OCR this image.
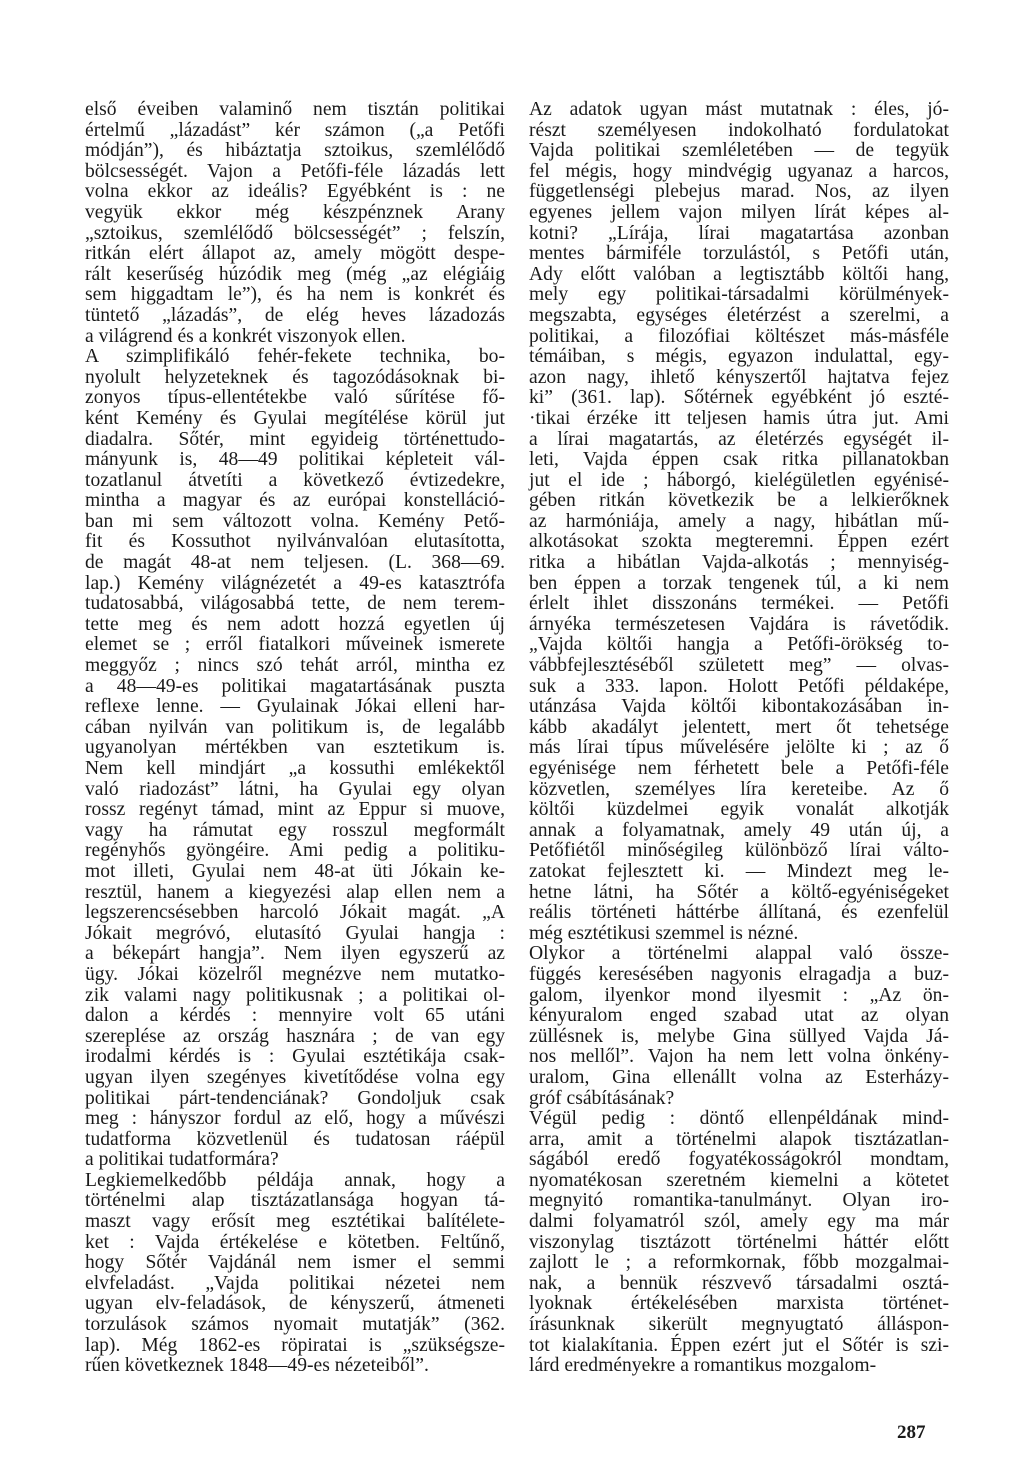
első éveiben valaminő nem tisztán politikai
értelmű „lázadást” kér számon („a Petőfi
módján”), és hibáztatja sztoikus, szemlélődő
bölcsességét. Vajon a Petőfi-féle lázadás lett
volna ekkor az ideális? Egyébként is : ne
vegyük ekkor még készpénznek Arany
„sztoikus, szemlélődő bölcsességét” ; felszín,
ritkán elért állapot az, amely mögött despe-
rált keserűség húzódik meg (még „az elégiáig
sem higgadtam le”), és ha nem is konkrét és
tüntető „lázadás”, de elég heves lázadozás
a világrend és a konkrét viszonyok ellen.
A szimplifikáló fehér-fekete technika, bo-
nyolult helyzeteknek és tagozódásoknak bi-
zonyos típus-ellentétekbe való sűrítése fő-
ként Kemény és Gyulai megítélése körül jut
diadalra. Sőtér, mint egyideig történettudo-
mányunk is, 48—49 politikai képleteit vál-
tozatlanul átvetíti a következő évtizedekre,
mintha a magyar és az európai konstelláció-
ban mi sem változott volna. Kemény Pető-
fit és Kossuthot nyilvánvalóan elutasította,
de magát 48-at nem teljesen. (L. 368—69.
lap.) Kemény világnézetét a 49-es katasztrófa
tudatosabbá, világosabbá tette, de nem terem-
tette meg és nem adott hozzá egyetlen új
elemet se ; erről fiatalkori műveinek ismerete
meggyőz ; nincs szó tehát arról, mintha ez
a 48—49-es politikai magatartásának puszta
reflexe lenne. — Gyulainak Jókai elleni har-
cában nyilván van politikum is, de legalább
ugyanolyan mértékben van esztetikum is.
Nem kell mindjárt „a kossuthi emlékektől
való riadozást” látni, ha Gyulai egy olyan
rossz regényt támad, mint az Eppur si muove,
vagy ha rámutat egy rosszul megformált
regényhős gyöngéire. Ami pedig a politiku-
mot illeti, Gyulai nem 48-at üti Jókain ke-
resztül, hanem a kiegyezési alap ellen nem a
legszerencsésebben harcoló Jókait magát. „A
Jókait megróvó, elutasító Gyulai hangja :
a békepárt hangja”. Nem ilyen egyszerű az
ügy. Jókai közelről megnézve nem mutatko-
zik valami nagy politikusnak ; a politikai ol-
dalon a kérdés : mennyire volt 65 utáni
szereplése az ország hasznára ; de van egy
irodalmi kérdés is : Gyulai esztétikája csak-
ugyan ilyen szegényes kivetítődése volna egy
politikai párt-tendenciának? Gondoljuk csak
meg : hányszor fordul az elő, hogy a művészi
tudatforma közvetlenül és tudatosan ráépül
a politikai tudatformára?
Legkiemelkedőbb példája annak, hogy a
történelmi alap tisztázatlansága hogyan tá-
maszt vagy erősít meg esztétikai balítélete-
ket : Vajda értékelése e kötetben. Feltűnő,
hogy Sőtér Vajdánál nem ismer el semmi
elvfeladást. „Vajda politikai nézetei nem
ugyan elv-feladások, de kényszerű, átmeneti
torzulások számos nyomait mutatják” (362.
lap). Még 1862-es röpiratai is „szükségsze-
rűen következnek 1848—49-es nézeteiből”.
Az adatok ugyan mást mutatnak : éles, jó-
részt személyesen indokolható fordulatokat
Vajda politikai szemléletében — de tegyük
fel mégis, hogy mindvégig ugyanaz a harcos,
függetlenségi plebejus marad. Nos, az ilyen
egyenes jellem vajon milyen lírát képes al-
kotni? „Lírája, lírai magatartása azonban
mentes bármiféle torzulástól, s Petőfi után,
Ady előtt valóban a legtisztább költői hang,
mely egy politikai-társadalmi körülmények-
megszabta, egységes életérzést a szerelmi, a
politikai, a filozófiai költészet más-másféle
témáiban, s mégis, egyazon indulattal, egy-
azon nagy, ihlető kényszertől hajtatva fejez
ki” (361. lap). Sőtérnek egyébként jó eszté-
·tikai érzéke itt teljesen hamis útra jut. Ami
a lírai magatartás, az életérzés egységét il-
leti, Vajda éppen csak ritka pillanatokban
jut el ide ; háborgó, kielégületlen egyénisé-
gében ritkán következik be a lelkierőknek
az harmóniája, amely a nagy, hibátlan mű-
alkotásokat szokta megteremni. Éppen ezért
ritka a hibátlan Vajda-alkotás ; mennyiség-
ben éppen a torzak tengenek túl, a ki nem
érlelt ihlet disszonáns termékei. — Petőfi
árnyéka természetesen Vajdára is rávetődik.
„Vajda költői hangja a Petőfi-örökség to-
vábbfejlesztéséből született meg” — olvas-
suk a 333. lapon. Holott Petőfi példaképe,
utánzása Vajda költői kibontakozásában in-
kább akadályt jelentett, mert őt tehetsége
más lírai típus művelésére jelölte ki ; az ő
egyénisége nem férhetett bele a Petőfi-féle
közvetlen, személyes líra kereteibe. Az ő
költői küzdelmei egyik vonalát alkotják
annak a folyamatnak, amely 49 után új, a
Petőfiétől minőségileg különböző lírai válto-
zatokat fejlesztett ki. — Mindezt meg le-
hetne látni, ha Sőtér a költő-egyéniségeket
reális történeti háttérbe állítaná, és ezenfelül
még esztétikusi szemmel is nézné.
Olykor a történelmi alappal való össze-
függés keresésében nagyonis elragadja a buz-
galom, ilyenkor mond ilyesmit : „Az ön-
kényuralom enged szabad utat az olyan
züllésnek is, melybe Gina süllyed Vajda Já-
nos mellől”. Vajon ha nem lett volna önkény-
uralom, Gina ellenállt volna az Esterházy-
gróf csábításának?
Végül pedig : döntő ellenpéldának mind-
arra, amit a történelmi alapok tisztázatlan-
ságából eredő fogyatékosságokról mondtam,
nyomatékosan szeretném kiemelni a kötetet
megnyitó romantika-tanulmányt. Olyan iro-
dalmi folyamatról szól, amely egy ma már
viszonylag tisztázott történelmi háttér előtt
zajlott le ; a reformkornak, főbb mozgalmai-
nak, a bennük részvevő társadalmi osztá-
lyoknak értékelésében marxista történet-
írásunknak sikerült megnyugtató álláspon-
tot kialakítania. Éppen ezért jut el Sőtér is szi-
lárd eredményekre a romantikus mozgalom-
287
